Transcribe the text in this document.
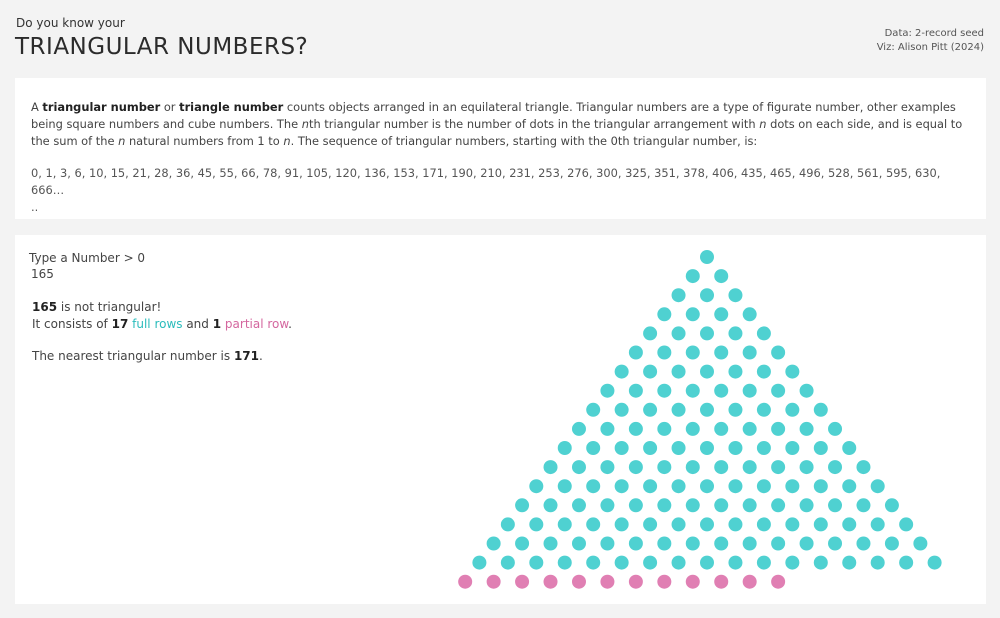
Do you know your
TRIANGULAR NUMBERS?
Data: 2-record seed
Viz: Alison Pitt (2024)
A triangular number or triangle number counts objects arranged in an equilateral triangle. Triangular numbers are a type of figurate number, other examples being square numbers and cube numbers. The nth triangular number is the number of dots in the triangular arrangement with n dots on each side, and is equal to the sum of the n natural numbers from 1 to n. The sequence of triangular numbers, starting with the 0th triangular number, is:
0, 1, 3, 6, 10, 15, 21, 28, 36, 45, 55, 66, 78, 91, 105, 120, 136, 153, 171, 190, 210, 231, 253, 276, 300, 325, 351, 378, 406, 435, 465, 496, 528, 561, 595, 630, 666…
..
Type a Number > 0
165
165 is not triangular!
It consists of 17 full rows and 1 partial row.
The nearest triangular number is 171.
